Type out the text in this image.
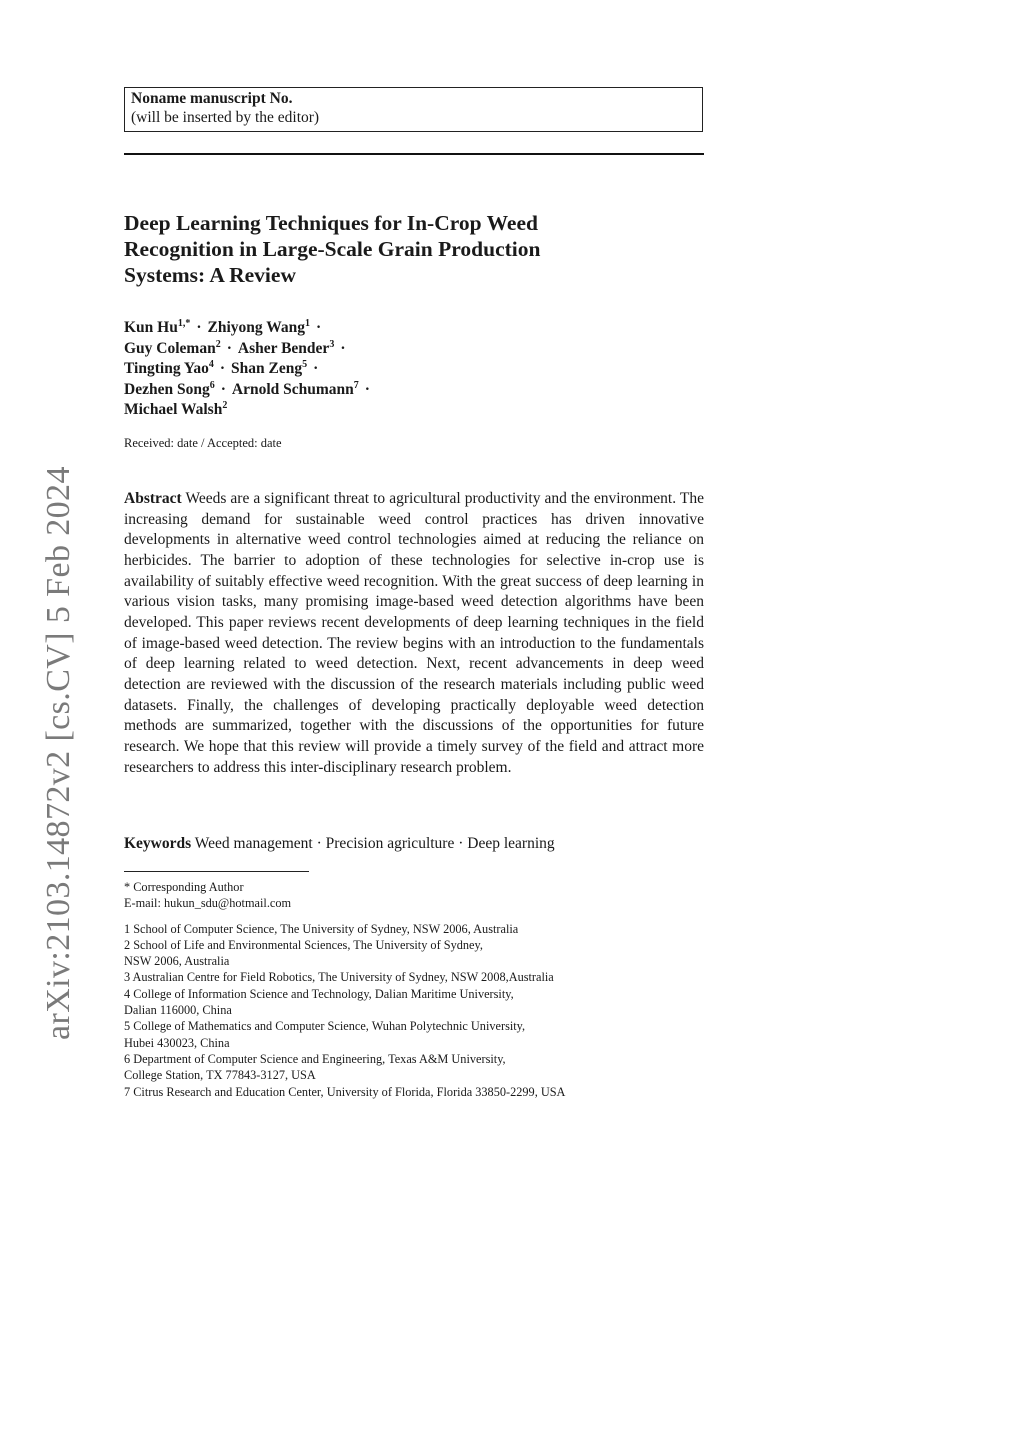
Noname manuscript No.
(will be inserted by the editor)
Deep Learning Techniques for In-Crop Weed
Recognition in Large-Scale Grain Production
Systems: A Review
Kun $Hu^{1,*}$ · Zhiyong Wang$^1$ ·
Guy Coleman$^2$ · Asher Bender$^3$ ·
Tingting Yao$^4$ · Shan Zeng$^5$ ·
Dezhen Song$^6$ · Arnold Schumann$^7$ ·
Michael Walsh$^2$
Received: date / Accepted: date

Abstract Weeds are a significant threat to agricultural productivity and the environment. The increasing demand for sustainable weed control practices has driven innovative developments in alternative weed control technologies aimed at reducing the reliance on herbicides. The barrier to adoption of these technologies for selective in-crop use is availability of suitably effective weed recognition. With the great success of deep learning in various vision tasks, many promising image-based weed detection algorithms have been developed. This paper reviews recent developments of deep learning techniques in the field of image-based weed detection. The review begins with an introduction to the fundamentals of deep learning related to weed detection. Next, recent advancements in deep weed detection are reviewed with the discussion of the research materials including public weed datasets. Finally, the challenges of developing practically deployable weed detection methods are summarized, together with the discussions of the opportunities for future research. We hope that this review will provide a timely survey of the field and attract more researchers to address this inter-disciplinary research problem.

Keywords Weed management · Precision agriculture · Deep learning
* Corresponding Author
E-mail: hukun_sdu@hotmail.com
1 School of Computer Science, The University of Sydney, NSW 2006, Australia
2 School of Life and Environmental Sciences, The University of Sydney,
NSW 2006, Australia
3 Australian Centre for Field Robotics, The University of Sydney, NSW 2008,Australia
4 College of Information Science and Technology, Dalian Maritime University,
Dalian 116000, China
5 College of Mathematics and Computer Science, Wuhan Polytechnic University,
Hubei 430023, China
6 Department of Computer Science and Engineering, Texas A&M University,
College Station, TX 77843-3127, USA
7 Citrus Research and Education Center, University of Florida, Florida 33850-2299, USA
arXiv:2103.14872v2 [cs.CV] 5 Feb 2024
